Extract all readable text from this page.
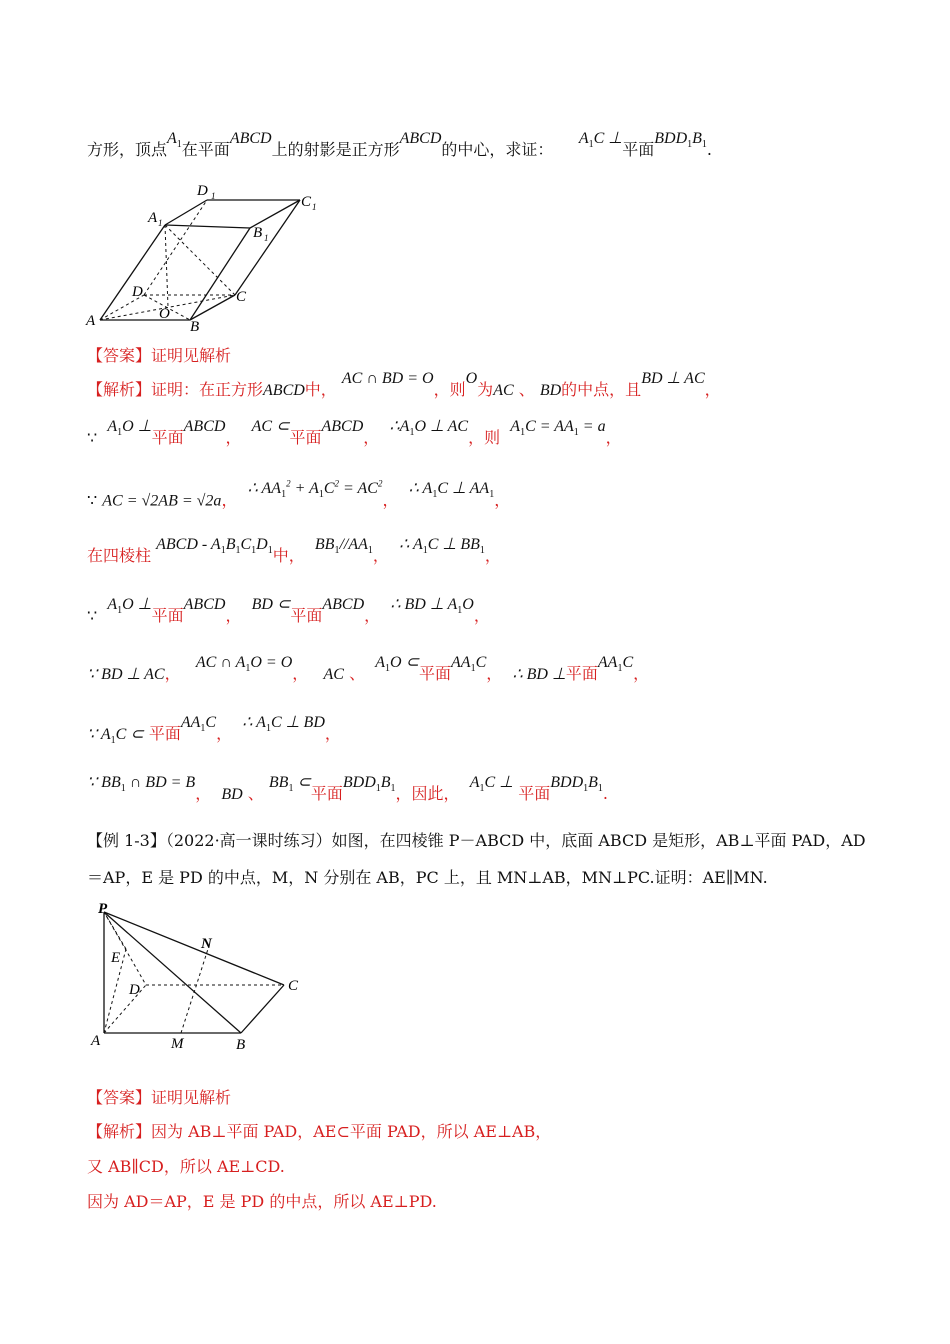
方形，顶点$A_1$在平面ABCD上的射影是正方形ABCD的中心，求证：     $A_1C$ ⊥平面$BDD_1B_1$.
D 1	C 1
A 1
B 1
D	C
A	O
B
【答案】证明见解析
【解析】证明：在正方形ABCD中， AC ∩ BD = O，则O为AC 、 BD的中点，且BD ⊥ AC，
∵  $A_1O$ ⊥平面ABCD，  AC ⊂平面ABCD，  $\therefore A_1O$ ⊥ AC，则  $A_1C = AA_1 = a$，
∵ AC = √2AB = √2a，  ∴ $AA_1^2 + A_1C^2 = AC^2$，  ∴ $A_1C$ ⊥ $AA_1$，
在四棱柱 ABCD - $A_1B_1C_1D_1$中，  $BB_1//AA_1$，  ∴ $A_1C$ ⊥ $BB_1$，
∵  $A_1O$ ⊥平面ABCD，  BD ⊂平面ABCD，  ∴ BD ⊥ $A_1O$，
∵ BD ⊥ AC，   AC ∩ $A_1O = O$，   AC 、  $A_1O$ ⊂平面$AA_1C$，  ∴ BD ⊥平面$AA_1C$，
∵ $A_1C$ ⊂ 平面$AA_1C$，  ∴ $A_1C$ ⊥ BD，
∵ $BB_1$ ∩ BD = B，  BD 、 $BB_1$ ⊂平面$BDD_1B_1$，因此，  $A_1C$ ⊥ 平面$BDD_1B_1$.
【例 1-3】（2022·高一课时练习）如图，在四棱锥 P－ABCD 中，底面 ABCD 是矩形，AB⊥平面 PAD，AD
＝AP，E 是 PD 的中点，M，N 分别在 AB，PC 上，且 MN⊥AB，MN⊥PC.证明：AE∥MN.
P
N
E
D	C
A	M	B
【答案】证明见解析
【解析】因为 AB⊥平面 PAD，AE⊂平面 PAD，所以 AE⊥AB，
又 AB∥CD，所以 AE⊥CD.
因为 AD＝AP，E 是 PD 的中点，所以 AE⊥PD.
